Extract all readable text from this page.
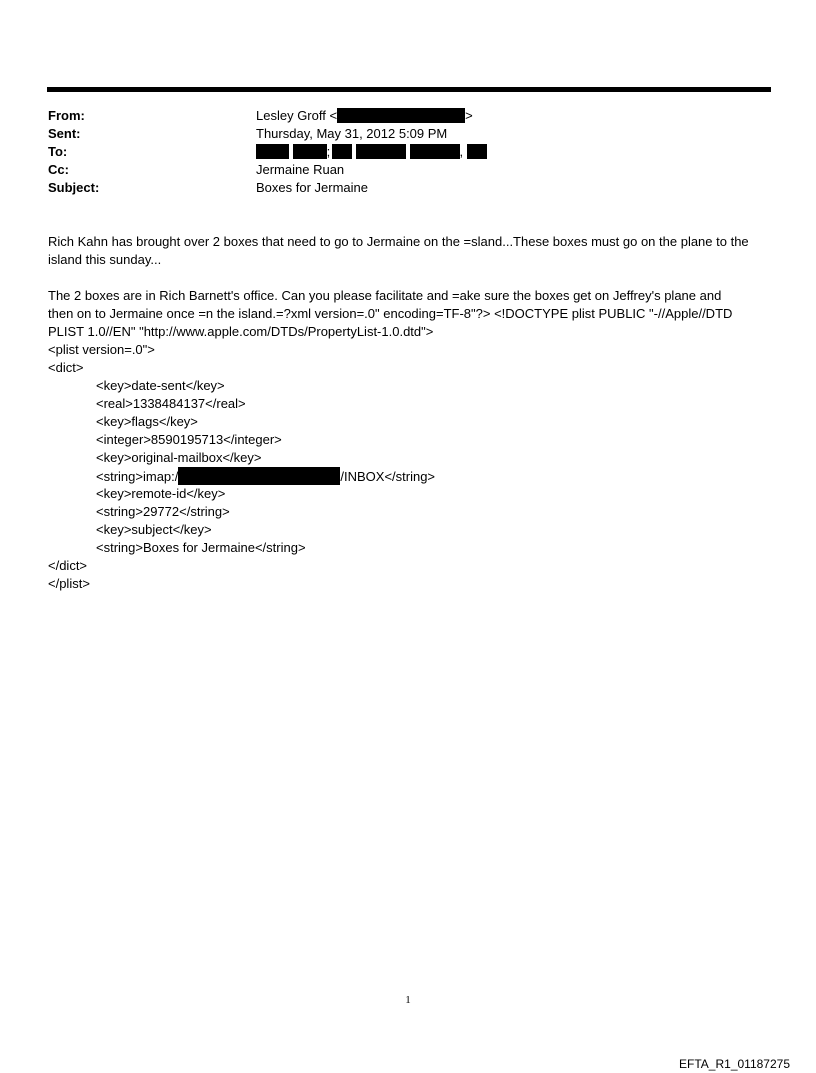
From:	Lesley Groff <	>
Sent:	Thursday, May 31, 2012 5:09 PM
To:	;	,
Cc:	Jermaine Ruan
Subject:	Boxes for Jermaine
Rich Kahn has brought over 2 boxes that need to go to Jermaine on the =sland...These boxes must go on the plane to the
island this sunday...
The 2 boxes are in Rich Barnett's office. Can you please facilitate and =ake sure the boxes get on Jeffrey's plane and
then on to Jermaine once =n the island.=?xml version=.0" encoding=TF-8"?> <!DOCTYPE plist PUBLIC "-//Apple//DTD
PLIST 1.0//EN" "http://www.apple.com/DTDs/PropertyList-1.0.dtd">
<plist version=.0">
<dict>
<key>date-sent</key>
<real>1338484137</real>
<key>flags</key>
<integer>8590195713</integer>
<key>original-mailbox</key>
<string>imap:/	/INBOX</string>
<key>remote-id</key>
<string>29772</string>
<key>subject</key>
<string>Boxes for Jermaine</string>
</dict>
</plist>
1
EFTA_R1_01187275
